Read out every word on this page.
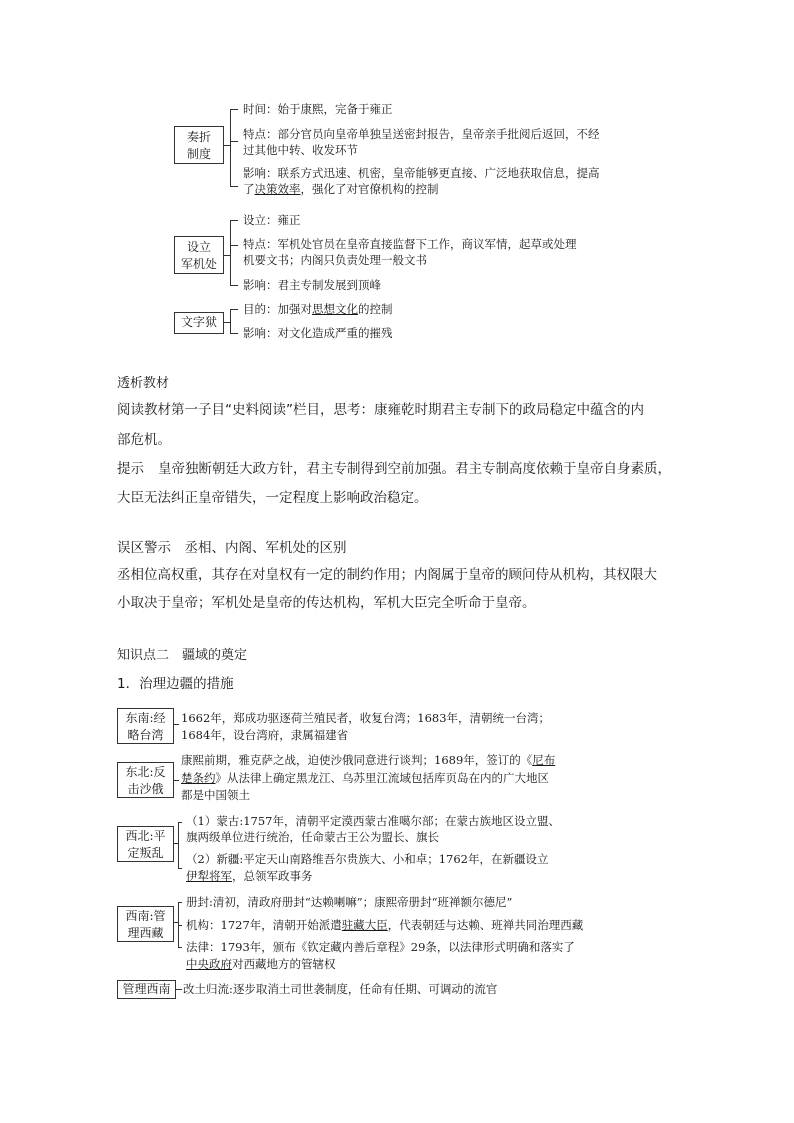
奏折
制度
设立
军机处
文字狱
时间：始于康熙，完备于雍正
特点：部分官员向皇帝单独呈送密封报告，皇帝亲手批阅后返回，不经
过其他中转、收发环节
影响：联系方式迅速、机密，皇帝能够更直接、广泛地获取信息，提高
了决策效率，强化了对官僚机构的控制
设立：雍正
特点：军机处官员在皇帝直接监督下工作，商议军情，起草或处理
机要文书；内阁只负责处理一般文书
影响：君主专制发展到顶峰
目的：加强对思想文化的控制
影响：对文化造成严重的摧残
透析教材
阅读教材第一子目“史料阅读”栏目，思考：康雍乾时期君主专制下的政局稳定中蕴含的内
部危机。
提示 皇帝独断朝廷大政方针，君主专制得到空前加强。君主专制高度依赖于皇帝自身素质，
大臣无法纠正皇帝错失，一定程度上影响政治稳定。
误区警示　丞相、内阁、军机处的区别
丞相位高权重，其存在对皇权有一定的制约作用；内阁属于皇帝的顾问侍从机构，其权限大
小取决于皇帝；军机处是皇帝的传达机构，军机大臣完全听命于皇帝。
知识点二　疆域的奠定
1．治理边疆的措施
东南:经
略台湾
1662年，郑成功驱逐荷兰殖民者，收复台湾；1683年，清朝统一台湾；
1684年，设台湾府，隶属福建省
东北:反
击沙俄
康熙前期，雅克萨之战，迫使沙俄同意进行谈判；1689年，签订的《尼布
楚条约》从法律上确定黑龙江、乌苏里江流域包括库页岛在内的广大地区
都是中国领土
西北:平
定叛乱
（1）蒙古:1757年，清朝平定漠西蒙古准噶尔部；在蒙古族地区设立盟、
旗两级单位进行统治，任命蒙古王公为盟长、旗长
（2）新疆:平定天山南路维吾尔贵族大、小和卓；1762年，在新疆设立
伊犁将军，总领军政事务
西南:管
理西藏
册封:清初，清政府册封“达赖喇嘛”；康熙帝册封“班禅额尔德尼”
机构：1727年，清朝开始派遣驻藏大臣，代表朝廷与达赖、班禅共同治理西藏
法律：1793年，颁布《钦定藏内善后章程》29条，以法律形式明确和落实了
中央政府对西藏地方的管辖权
管理西南	改土归流:逐步取消土司世袭制度，任命有任期、可调动的流官
